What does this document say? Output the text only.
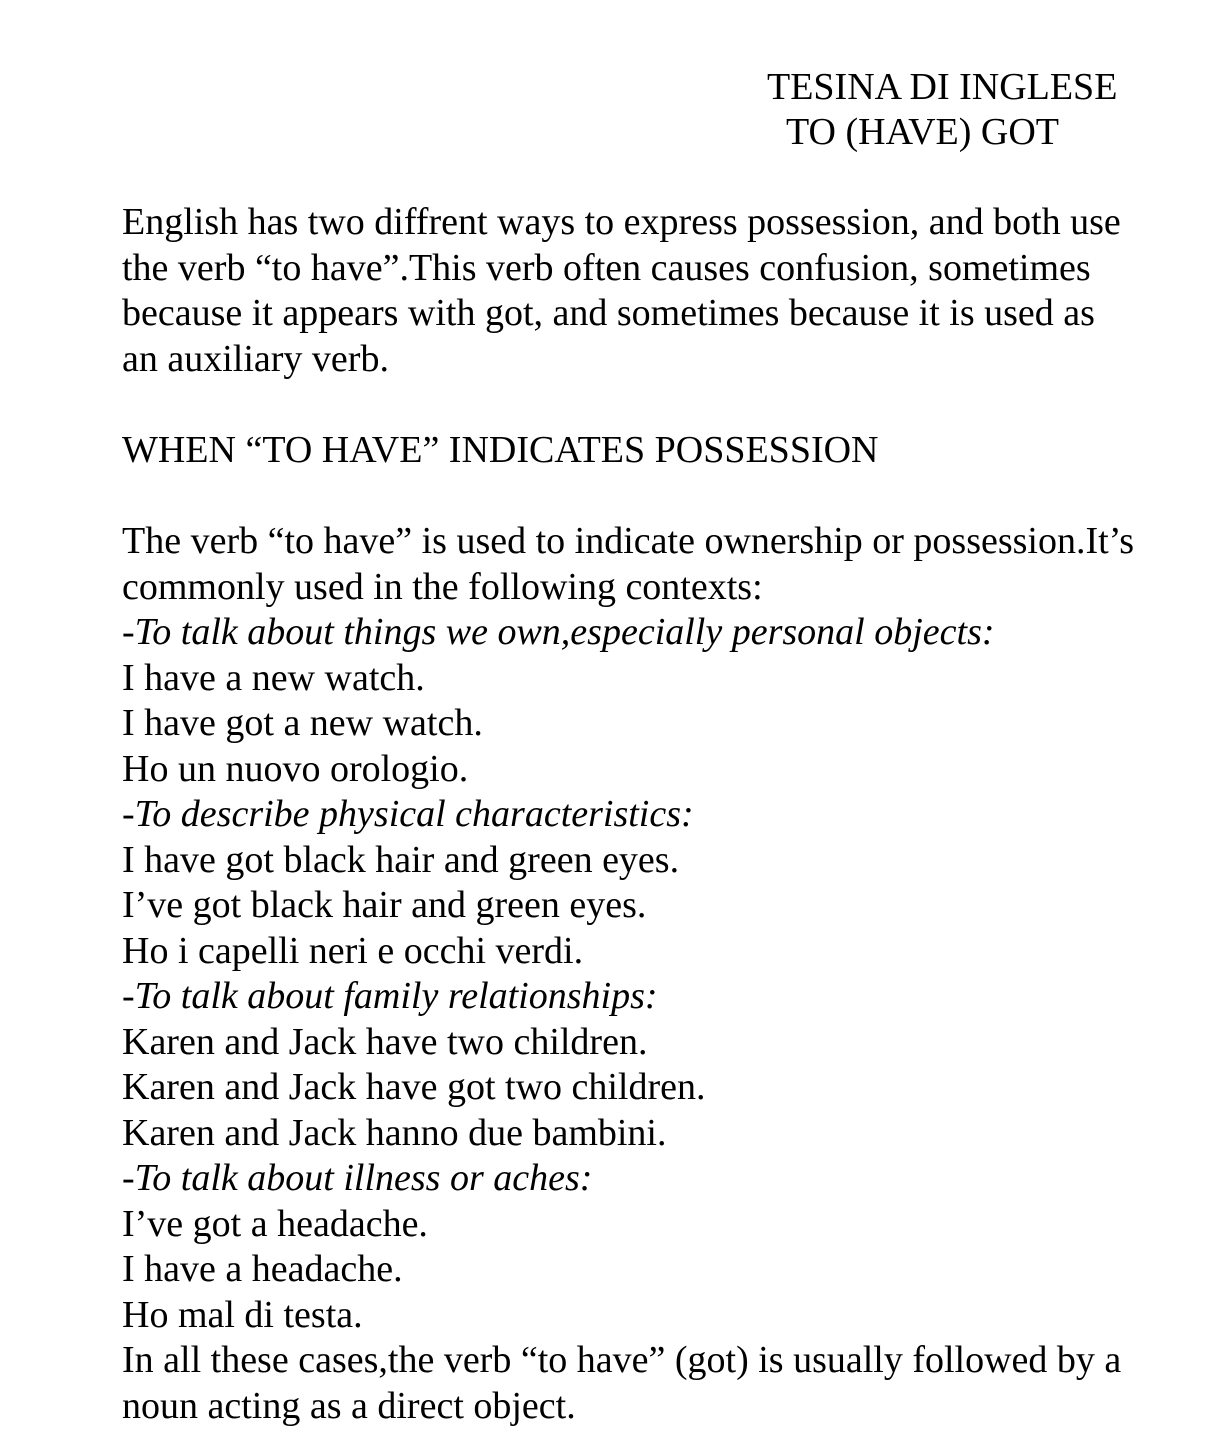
TESINA DI INGLESE
TO (HAVE) GOT
English has two diffrent ways to express possession, and both use
the verb “to have”.This verb often causes confusion, sometimes
because it appears with got, and sometimes because it is used as
an auxiliary verb.
WHEN “TO HAVE” INDICATES POSSESSION
The verb “to have” is used to indicate ownership or possession.It’s
commonly used in the following contexts:
-To talk about things we own,especially personal objects:
I have a new watch.
I have got a new watch.
Ho un nuovo orologio.
-To describe physical characteristics:
I have got black hair and green eyes.
I’ve got black hair and green eyes.
Ho i capelli neri e occhi verdi.
-To talk about family relationships:
Karen and Jack have two children.
Karen and Jack have got two children.
Karen and Jack hanno due bambini.
-To talk about illness or aches:
I’ve got a headache.
I have a headache.
Ho mal di testa.
In all these cases,the verb “to have” (got) is usually followed by a
noun acting as a direct object.
